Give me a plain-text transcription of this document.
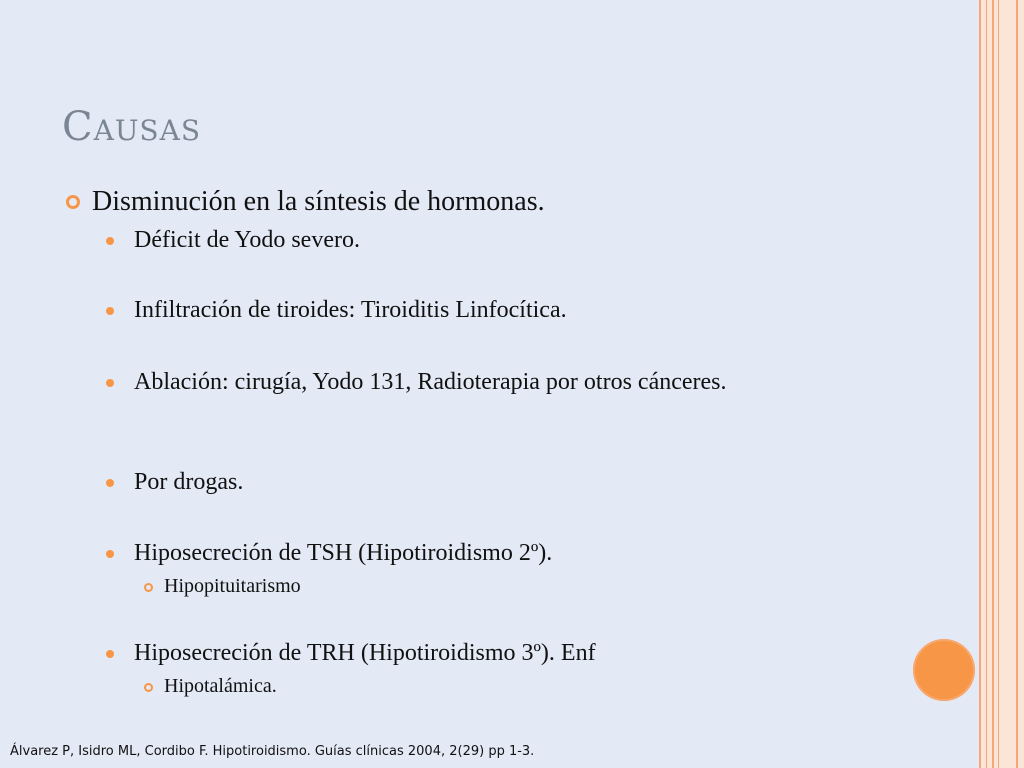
Causas
Disminución en la síntesis de hormonas.
Déficit de Yodo severo.
Infiltración de tiroides: Tiroiditis Linfocítica.
Ablación: cirugía, Yodo 131, Radioterapia por otros cánceres.
Por drogas.
Hiposecreción de TSH (Hipotiroidismo 2º).
Hipopituitarismo
Hiposecreción de TRH (Hipotiroidismo 3º). Enf
Hipotalámica.
Álvarez P, Isidro ML, Cordibo F. Hipotiroidismo. Guías clínicas 2004, 2(29) pp 1-3.
